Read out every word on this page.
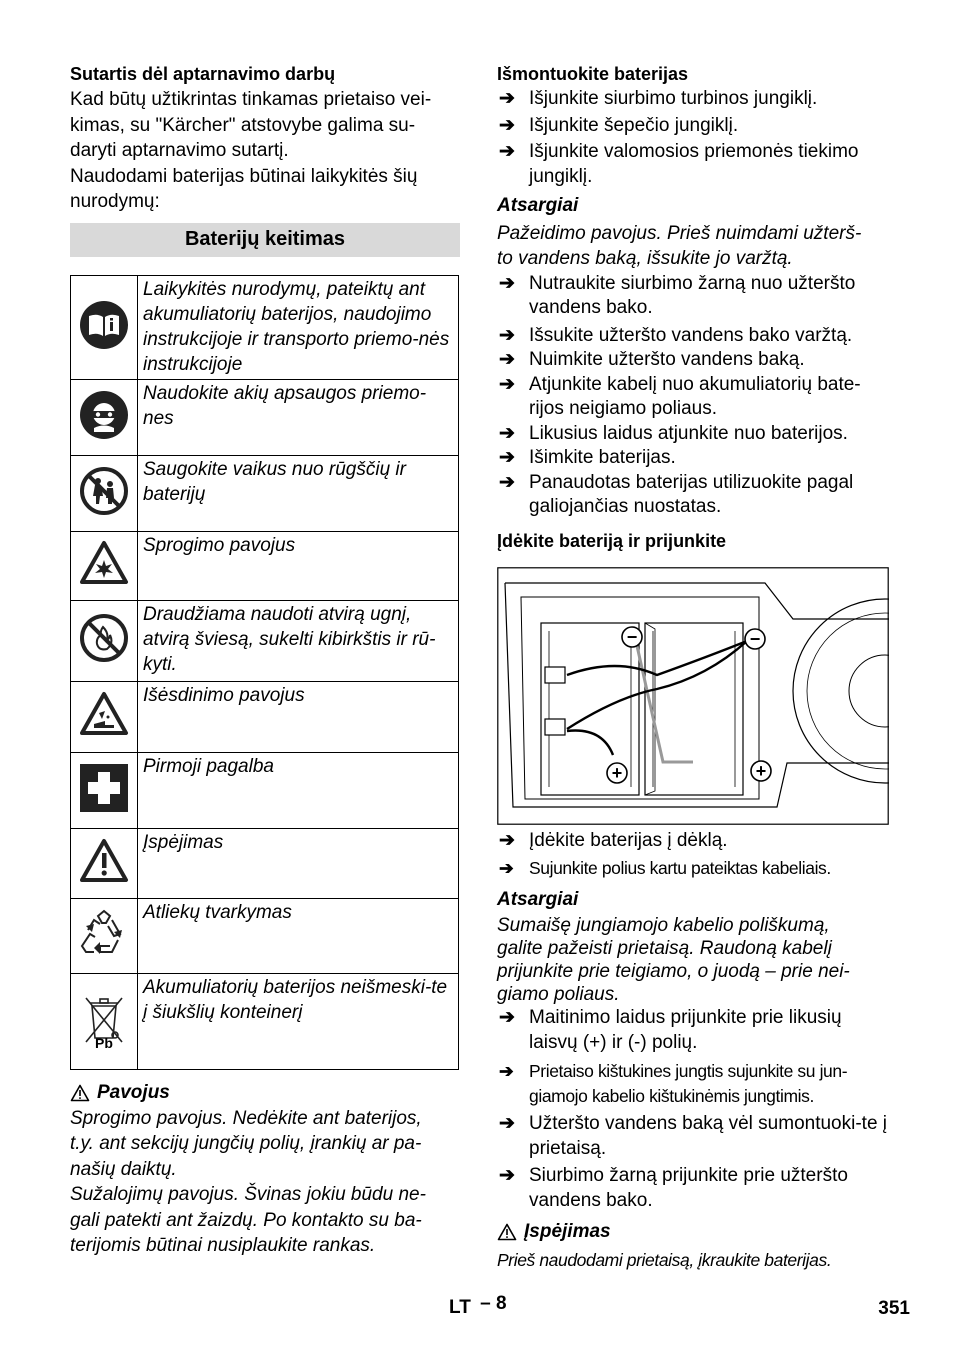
Sutartis dėl aptarnavimo darbų

Kad būtų užtikrintas tinkamas prietaiso vei-

kimas, su "Kärcher" atstovybe galima su-

daryti aptarnavimo sutartį.

Naudodami baterijas būtinai laikykitės šių

nurodymų:

Baterijų keitimas
	Laikykitės nurodymų, pateiktų ant akumuliatorių baterijos, naudojimo instrukcijoje ir transporto priemo-nės instrukcijoje
	Naudokite akių apsaugos priemo-nes
	Saugokite vaikus nuo rūgščių ir baterijų
	Sprogimo pavojus
	Draudžiama naudoti atvirą ugnį, atvirą šviesą, sukelti kibirkštis ir rū-kyti.
	Išėsdinimo pavojus
	Pirmoji pagalba
	Įspėjimas
	Atliekų tvarkymas

Pb	Akumuliatorių baterijos neišmeski-te į šiukšlių konteinerį
Pavojus

Sprogimo pavojus. Nedėkite ant baterijos,

t.y. ant sekcijų jungčių polių, įrankių ar pa-

našių daiktų.

Sužalojimų pavojus. Švinas jokiu būdu ne-

gali patekti ant žaizdų. Po kontakto su ba-

terijomis būtinai nusiplaukite rankas.

Išmontuokite baterijas

➔ Išjunkite siurbimo turbinos jungiklį.
➔ Išjunkite šepečio jungiklį.
➔ Išjunkite valomosios priemonės tiekimo jungiklį.

Atsargiai

Pažeidimo pavojus. Prieš nuimdami užterš-

to vandens baką, išsukite jo varžtą.

➔ Nutraukite siurbimo žarną nuo užteršto vandens bako.
➔ Išsukite užteršto vandens bako varžtą.
➔ Nuimkite užteršto vandens baką.
➔ Atjunkite kabelį nuo akumuliatorių bate-rijos neigiamo poliaus.
➔ Likusius laidus atjunkite nuo baterijos.
➔ Išimkite baterijas.
➔ Panaudotas baterijas utilizuokite pagal galiojančias nuostatas.

Įdėkite bateriją ir prijunkite

−	−
+	+
➔ Įdėkite baterijas į dėklą.
➔ Sujunkite polius kartu pateiktas kabeliais.

Atsargiai

Sumaišę jungiamojo kabelio poliškumą,

galite pažeisti prietaisą. Raudoną kabelį

prijunkite prie teigiamo, o juodą – prie nei-

giamo poliaus.

➔ Maitinimo laidus prijunkite prie likusių laisvų (+) ir (-) polių.
➔ Prietaiso kištukines jungtis sujunkite su jun-giamojo kabelio kištukinėmis jungtimis.
➔ Užteršto vandens baką vėl sumontuoki-te į prietaisą.
➔ Siurbimo žarną prijunkite prie užteršto vandens bako.
Įspėjimas

Prieš naudodami prietaisą, įkraukite baterijas.

LT – 8	351
